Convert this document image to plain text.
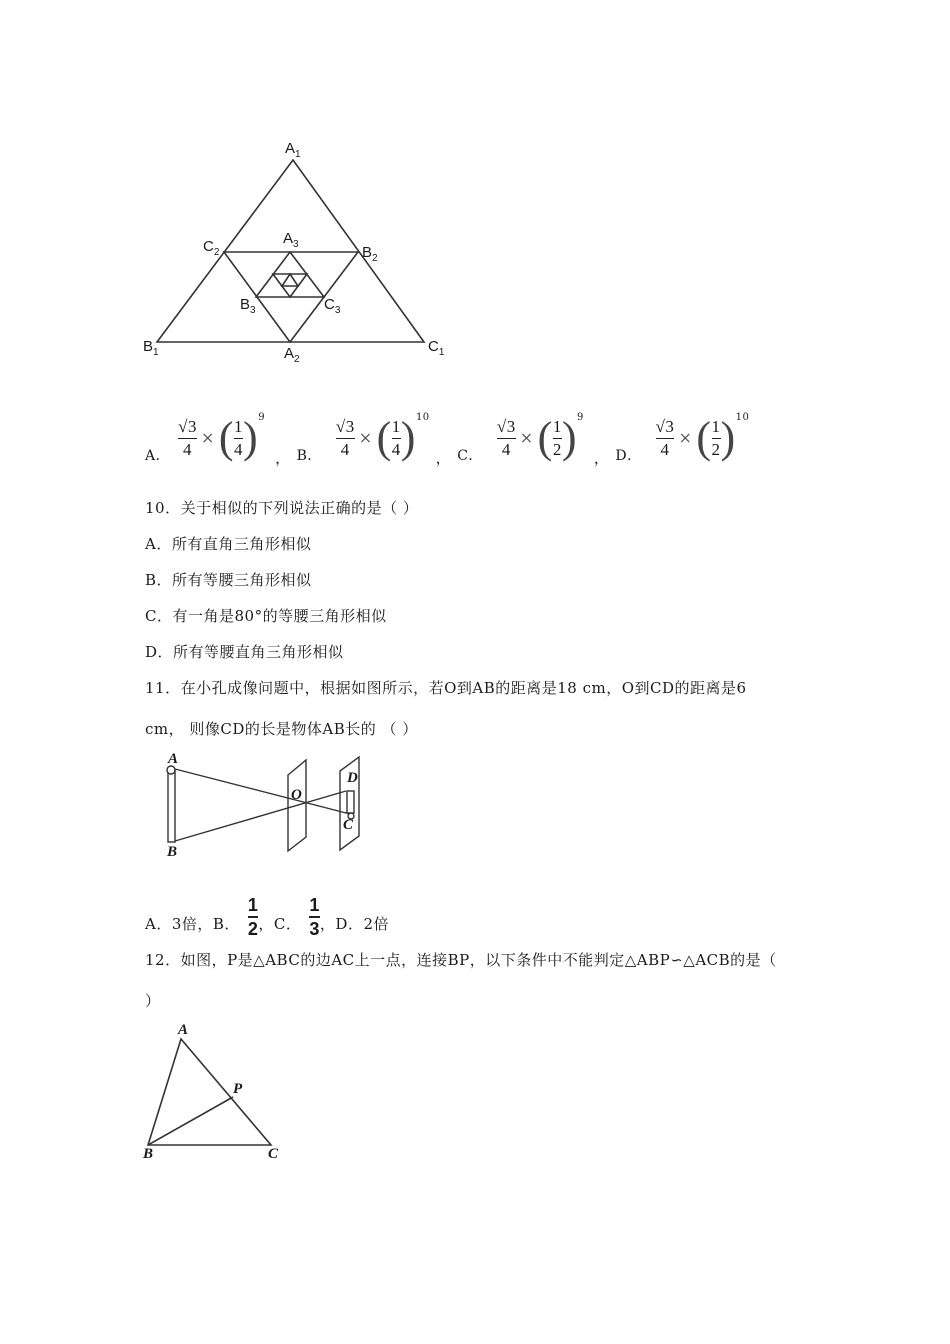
$A_1$
$B_1$	$C_1$
$A_2$
$B_2$
$C_2$
$A_3$
$B_3$	$C_3$
A． $\frac{√3}{4}$ × ( $\frac{1}{4}$ ) 9
， B． $\frac{√3}{4}$ × ( $\frac{1}{4}$ ) 10
， C． $\frac{√3}{4}$ × ( $\frac{1}{2}$ ) 9
， D． $\frac{√3}{4}$ × ( $\frac{1}{2}$ ) 10
10．关于相似的下列说法正确的是（ ）
A．所有直角三角形相似
B．所有等腰三角形相似
C．有一角是80°的等腰三角形相似
D．所有等腰直角三角形相似
11．在小孔成像问题中，根据如图所示，若O到AB的距离是18 cm，O到CD的距离是6
cm， 则像CD的长是物体AB长的 （ ）
A
B
O
D
C
A．3倍，B． $\frac{1}{2}$ ，C． $\frac{1}{3}$ ，D．2倍
12．如图，P是△ABC的边AC上一点，连接BP，以下条件中不能判定△ABP∽△ACB的是（
）
A
P
B	C
